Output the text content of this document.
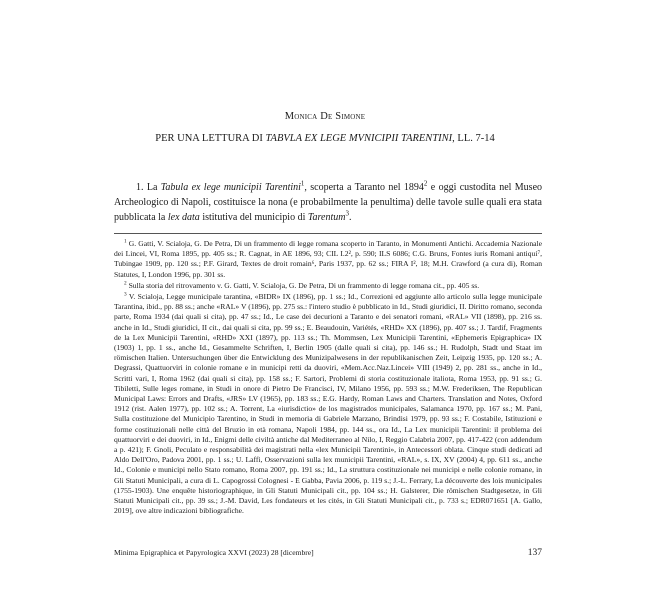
Monica De Simone
PER UNA LETTURA DI TABVLA EX LEGE MVNICIPII TARENTINI, LL. 7-14
1. La Tabula ex lege municipii Tarentini$^1$, scoperta a Taranto nel 1894$^2$ e oggi custodita nel Museo Archeologico di Napoli, costituisce la nona (e probabilmente la penultima) delle tavole sulle quali era stata pubblicata la lex data istitutiva del municipio di Tarentum$^3$.

$^1$ G. Gatti, V. Scialoja, G. De Petra, Di un frammento di legge romana scoperto in Taranto, in Monumenti Antichi. Accademia Nazionale dei Lincei, VI, Roma 1895, pp. 405 ss.; R. Cagnat, in AE 1896, 93; CIL I.2², p. 590; ILS 6086; C.G. Bruns, Fontes iuris Romani antiqui⁷, Tubingae 1909, pp. 120 ss.; P.F. Girard, Textes de droit romain⁶, Paris 1937, pp. 62 ss.; FIRA I², 18; M.H. Crawford (a cura di), Roman Statutes, I, London 1996, pp. 301 ss.

$^2$ Sulla storia del ritrovamento v. G. Gatti, V. Scialoja, G. De Petra, Di un frammento di legge romana cit., pp. 405 ss.

$^3$ V. Scialoja, Legge municipale tarantina, «BIDR» IX (1896), pp. 1 ss.; Id., Correzioni ed aggiunte allo articolo sulla legge municipale Tarantina, ibid., pp. 88 ss.; anche «RAL» V (1896), pp. 275 ss.: l'intero studio è pubblicato in Id., Studi giuridici, II. Diritto romano, seconda parte, Roma 1934 (dai quali si cita), pp. 47 ss.; Id., Le case dei decurioni a Taranto e dei senatori romani, «RAL» VII (1898), pp. 216 ss. anche in Id., Studi giuridici, II cit., dai quali si cita, pp. 99 ss.; E. Beaudouin, Variétés, «RHD» XX (1896), pp. 407 ss.; J. Tardif, Fragments de la Lex Municipii Tarentini, «RHD» XXI (1897), pp. 113 ss.; Th. Mommsen, Lex Municipii Tarentini, «Ephemeris Epigraphica» IX (1903) 1, pp. 1 ss., anche Id., Gesammelte Schriften, I, Berlin 1905 (dalle quali si cita), pp. 146 ss.; H. Rudolph, Stadt und Staat im römischen Italien. Untersuchungen über die Entwicklung des Munizipalwesens in der republikanischen Zeit, Leipzig 1935, pp. 120 ss.; A. Degrassi, Quattuorviri in colonie romane e in municipi retti da duoviri, «Mem.Acc.Naz.Lincei» VIII (1949) 2, pp. 281 ss., anche in Id., Scritti vari, I, Roma 1962 (dai quali si cita), pp. 158 ss.; F. Sartori, Problemi di storia costituzionale italiota, Roma 1953, pp. 91 ss.; G. Tibiletti, Sulle leges romane, in Studi in onore di Pietro De Francisci, IV, Milano 1956, pp. 593 ss.; M.W. Frederiksen, The Republican Municipal Laws: Errors and Drafts, «JRS» LV (1965), pp. 183 ss.; E.G. Hardy, Roman Laws and Charters. Translation and Notes, Oxford 1912 (rist. Aalen 1977), pp. 102 ss.; A. Torrent, La «iurisdictio» de los magistrados municipales, Salamanca 1970, pp. 167 ss.; M. Pani, Sulla costituzione del Municipio Tarentino, in Studi in memoria di Gabriele Marzano, Brindisi 1979, pp. 93 ss.; F. Costabile, Istituzioni e forme costituzionali nelle città del Bruzio in età romana, Napoli 1984, pp. 144 ss., ora Id., La Lex municipii Tarentini: il problema dei quattuorviri e dei duoviri, in Id., Enigmi delle civiltà antiche dal Mediterraneo al Nilo, I, Reggio Calabria 2007, pp. 417-422 (con addendum a p. 421); F. Gnoli, Peculato e responsabilità dei magistrati nella «lex Municipii Tarentini», in Antecessori oblata. Cinque studi dedicati ad Aldo Dell'Oro, Padova 2001, pp. 1 ss.; U. Laffi, Osservazioni sulla lex municipii Tarentini, «RAL», s. IX, XV (2004) 4, pp. 611 ss., anche Id., Colonie e municipi nello Stato romano, Roma 2007, pp. 191 ss.; Id., La struttura costituzionale nei municipi e nelle colonie romane, in Gli Statuti Municipali, a cura di L. Capogrossi Colognesi - E Gabba, Pavia 2006, p. 119 s.; J.-L. Ferrary, La découverte des lois municipales (1755-1903). Une enquête historiographique, in Gli Statuti Municipali cit., pp. 104 ss.; H. Galsterer, Die römischen Stadtgesetze, in Gli Statuti Municipali cit., pp. 39 ss.; J.-M. David, Les fondateurs et les cités, in Gli Statuti Municipali cit., p. 733 s.; EDR071651 [A. Gallo, 2019], ove altre indicazioni bibliografiche.

Minima Epigraphica et Papyrologica XXVI (2023) 28 [dicembre]	137
